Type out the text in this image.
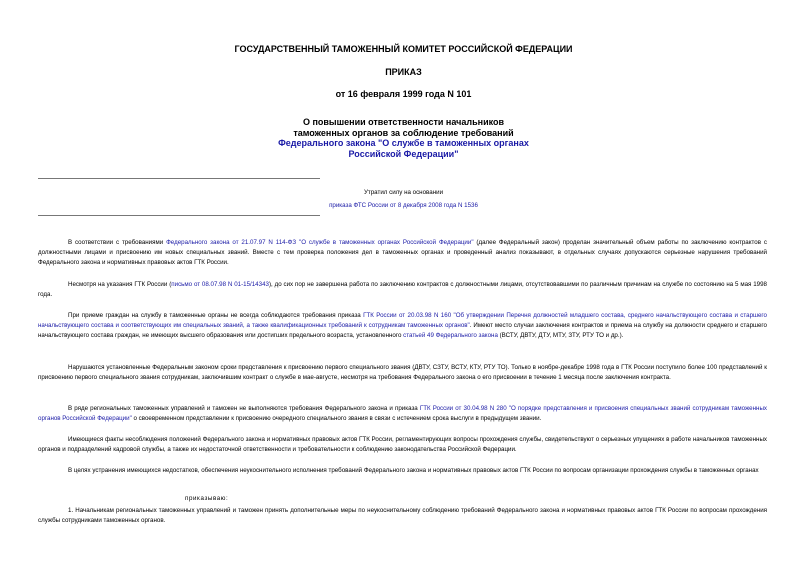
ГОСУДАРСТВЕННЫЙ ТАМОЖЕННЫЙ КОМИТЕТ РОССИЙСКОЙ ФЕДЕРАЦИИ
ПРИКАЗ
от 16 февраля 1999 года N 101
О повышении ответственности начальников
таможенных органов за соблюдение требований
Федерального закона "О службе в таможенных органах
Российской Федерации"
Утратил силу на основании
приказа ФТС России от 8 декабря 2008 года N 1536
В соответствии с требованиями Федерального закона от 21.07.97 N 114-ФЗ "О службе в таможенных органах Российской Федерации" (далее Федеральный закон) проделан значительный объем работы по заключению контрактов с должностными лицами и присвоению им новых специальных званий. Вместе с тем проверка положения дел в таможенных органах и проведенный анализ показывают, в отдельных случаях допускаются серьезные нарушения требований Федерального закона и нормативных правовых актов ГТК России.
Несмотря на указания ГТК России (письмо от 08.07.98 N 01-15/14343), до сих пор не завершена работа по заключению контрактов с должностными лицами, отсутствовавшими по различным причинам на службе по состоянию на 5 мая 1998 года.
При приеме граждан на службу в таможенные органы не всегда соблюдаются требования приказа ГТК России от 20.03.98 N 160 "Об утверждении Перечня должностей младшего состава, среднего начальствующего состава и старшего начальствующего состава и соответствующих им специальных званий, а также квалификационных требований к сотрудникам таможенных органов". Имеют место случаи заключения контрактов и приема на службу на должности среднего и старшего начальствующего состава граждан, не имеющих высшего образования или достигших предельного возраста, установленного статьей 49 Федерального закона (ВСТУ, ДВТУ, ДТУ, МТУ, ЗТУ, РТУ ТО и др.).
Нарушаются установленные Федеральным законом сроки представления к присвоению первого специального звания (ДВТУ, СЗТУ, ВСТУ, КТУ, РТУ ТО). Только в ноябре-декабре 1998 года в ГТК России поступило более 100 представлений к присвоению первого специального звания сотрудникам, заключившим контракт о службе в мае-августе, несмотря на требования Федерального закона о его присвоении в течение 1 месяца после заключения контракта.
В ряде региональных таможенных управлений и таможен не выполняются требования Федерального закона и приказа ГТК России от 30.04.98 N 280 "О порядке представления и присвоения специальных званий сотрудникам таможенных органов Российской Федерации" о своевременном представлении к присвоению очередного специального звания в связи с истечением срока выслуги в предыдущем звании.
Имеющиеся факты несоблюдения положений Федерального закона и нормативных правовых актов ГТК России, регламентирующих вопросы прохождения службы, свидетельствуют о серьезных упущениях в работе начальников таможенных органов и подразделений кадровой службы, а также их недостаточной ответственности и требовательности к соблюдению законодательства Российской Федерации.
В целях устранения имеющихся недостатков, обеспечения неукоснительного исполнения требований Федерального закона и нормативных правовых актов ГТК России по вопросам организации прохождения службы в таможенных органах
приказываю:
1. Начальникам региональных таможенных управлений и таможен принять дополнительные меры по неукоснительному соблюдению требований Федерального закона и нормативных правовых актов ГТК России по вопросам прохождения службы сотрудниками таможенных органов.
